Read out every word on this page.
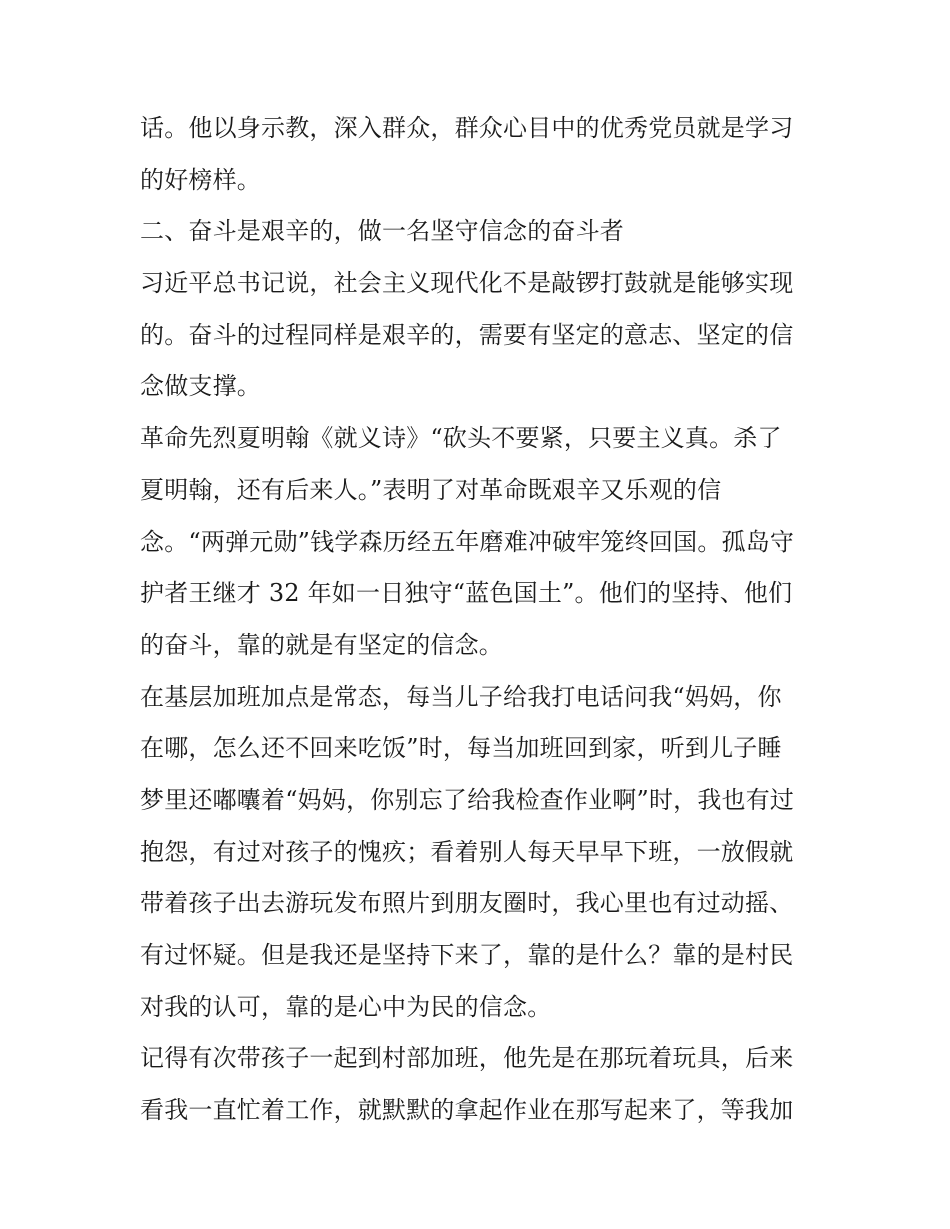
话。他以身示教，深入群众，群众心目中的优秀党员就是学习
的好榜样。
二、奋斗是艰辛的，做一名坚守信念的奋斗者
习近平总书记说，社会主义现代化不是敲锣打鼓就是能够实现
的。奋斗的过程同样是艰辛的，需要有坚定的意志、坚定的信
念做支撑。
革命先烈夏明翰《就义诗》“砍头不要紧，只要主义真。杀了
夏明翰，还有后来人。”表明了对革命既艰辛又乐观的信
念。“两弹元勋”钱学森历经五年磨难冲破牢笼终回国。孤岛守
护者王继才 32 年如一日独守“蓝色国土”。他们的坚持、他们
的奋斗，靠的就是有坚定的信念。
在基层加班加点是常态，每当儿子给我打电话问我“妈妈，你
在哪，怎么还不回来吃饭”时，每当加班回到家，听到儿子睡
梦里还嘟囔着“妈妈，你别忘了给我检查作业啊”时，我也有过
抱怨，有过对孩子的愧疚；看着别人每天早早下班，一放假就
带着孩子出去游玩发布照片到朋友圈时，我心里也有过动摇、
有过怀疑。但是我还是坚持下来了，靠的是什么？靠的是村民
对我的认可，靠的是心中为民的信念。
记得有次带孩子一起到村部加班，他先是在那玩着玩具，后来
看我一直忙着工作，就默默的拿起作业在那写起来了，等我加
